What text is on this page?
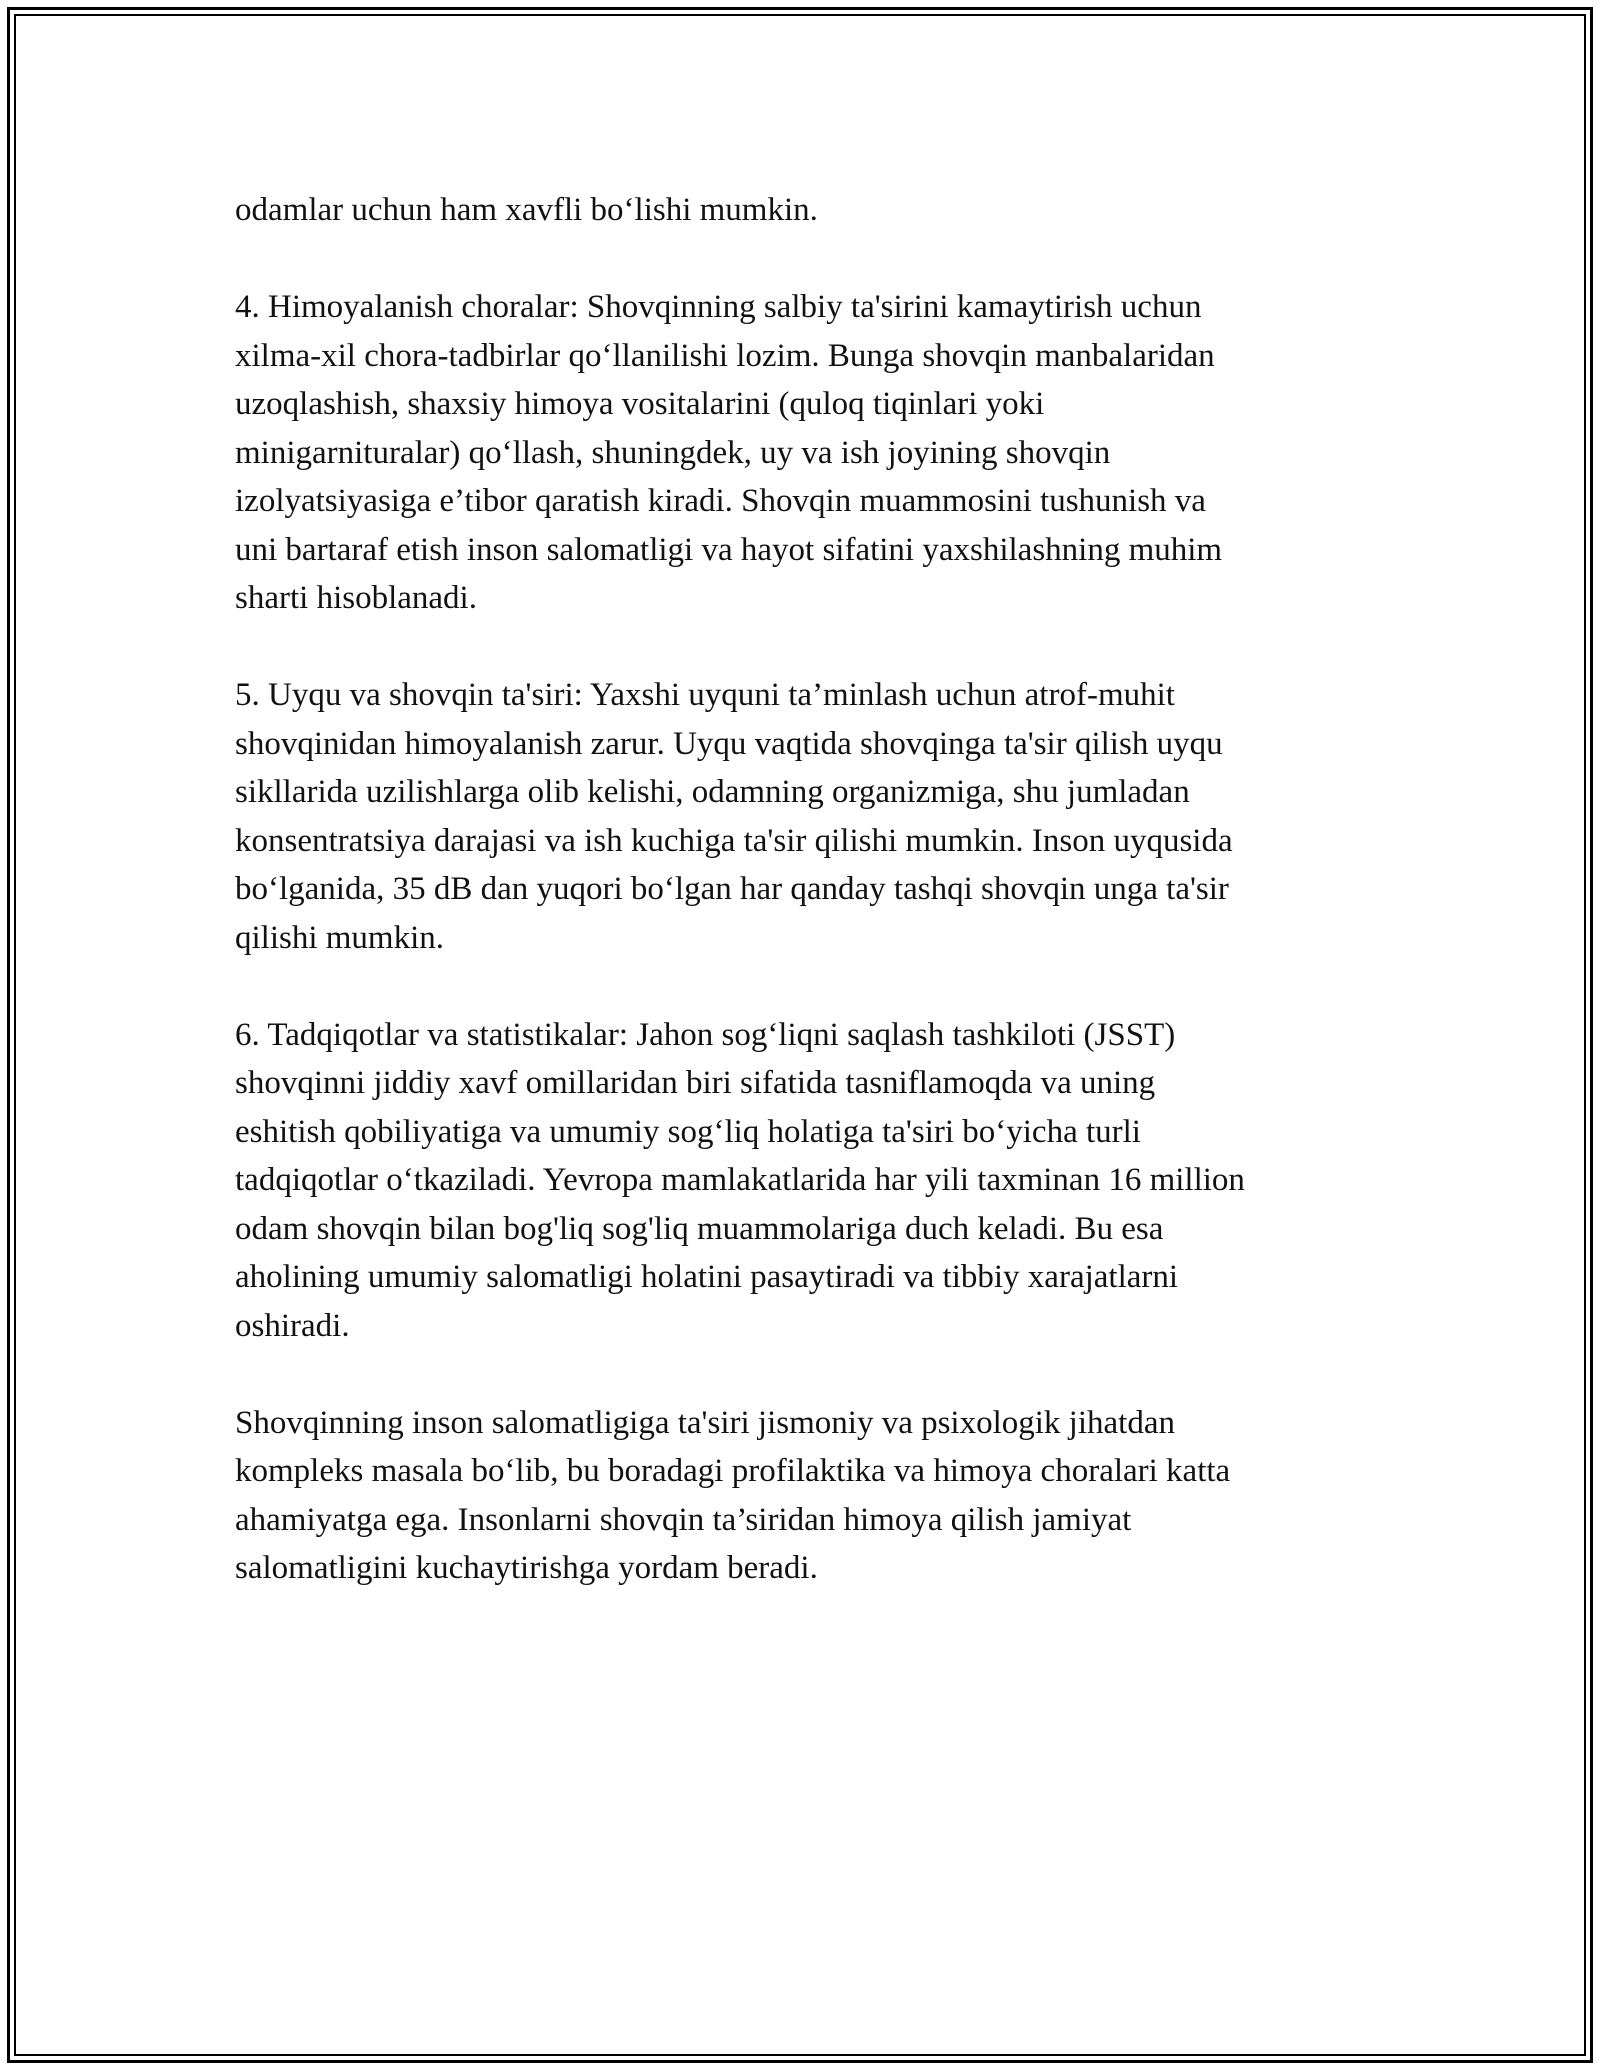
odamlar uchun ham xavfli bo‘lishi mumkin.

4. Himoyalanish choralar: Shovqinning salbiy ta'sirini kamaytirish uchun
xilma-xil chora-tadbirlar qo‘llanilishi lozim. Bunga shovqin manbalaridan
uzoqlashish, shaxsiy himoya vositalarini (quloq tiqinlari yoki
minigarnituralar) qo‘llash, shuningdek, uy va ish joyining shovqin
izolyatsiyasiga e’tibor qaratish kiradi. Shovqin muammosini tushunish va
uni bartaraf etish inson salomatligi va hayot sifatini yaxshilashning muhim
sharti hisoblanadi.

5. Uyqu va shovqin ta'siri: Yaxshi uyquni ta’minlash uchun atrof-muhit
shovqinidan himoyalanish zarur. Uyqu vaqtida shovqinga ta'sir qilish uyqu
sikllarida uzilishlarga olib kelishi, odamning organizmiga, shu jumladan
konsentratsiya darajasi va ish kuchiga ta'sir qilishi mumkin. Inson uyqusida
bo‘lganida, 35 dB dan yuqori bo‘lgan har qanday tashqi shovqin unga ta'sir
qilishi mumkin.

6. Tadqiqotlar va statistikalar: Jahon sog‘liqni saqlash tashkiloti (JSST)
shovqinni jiddiy xavf omillaridan biri sifatida tasniflamoqda va uning
eshitish qobiliyatiga va umumiy sog‘liq holatiga ta'siri bo‘yicha turli
tadqiqotlar o‘tkaziladi. Yevropa mamlakatlarida har yili taxminan 16 million
odam shovqin bilan bog'liq sog'liq muammolariga duch keladi. Bu esa
aholining umumiy salomatligi holatini pasaytiradi va tibbiy xarajatlarni
oshiradi.

Shovqinning inson salomatligiga ta'siri jismoniy va psixologik jihatdan
kompleks masala bo‘lib, bu boradagi profilaktika va himoya choralari katta
ahamiyatga ega. Insonlarni shovqin ta’siridan himoya qilish jamiyat
salomatligini kuchaytirishga yordam beradi.
